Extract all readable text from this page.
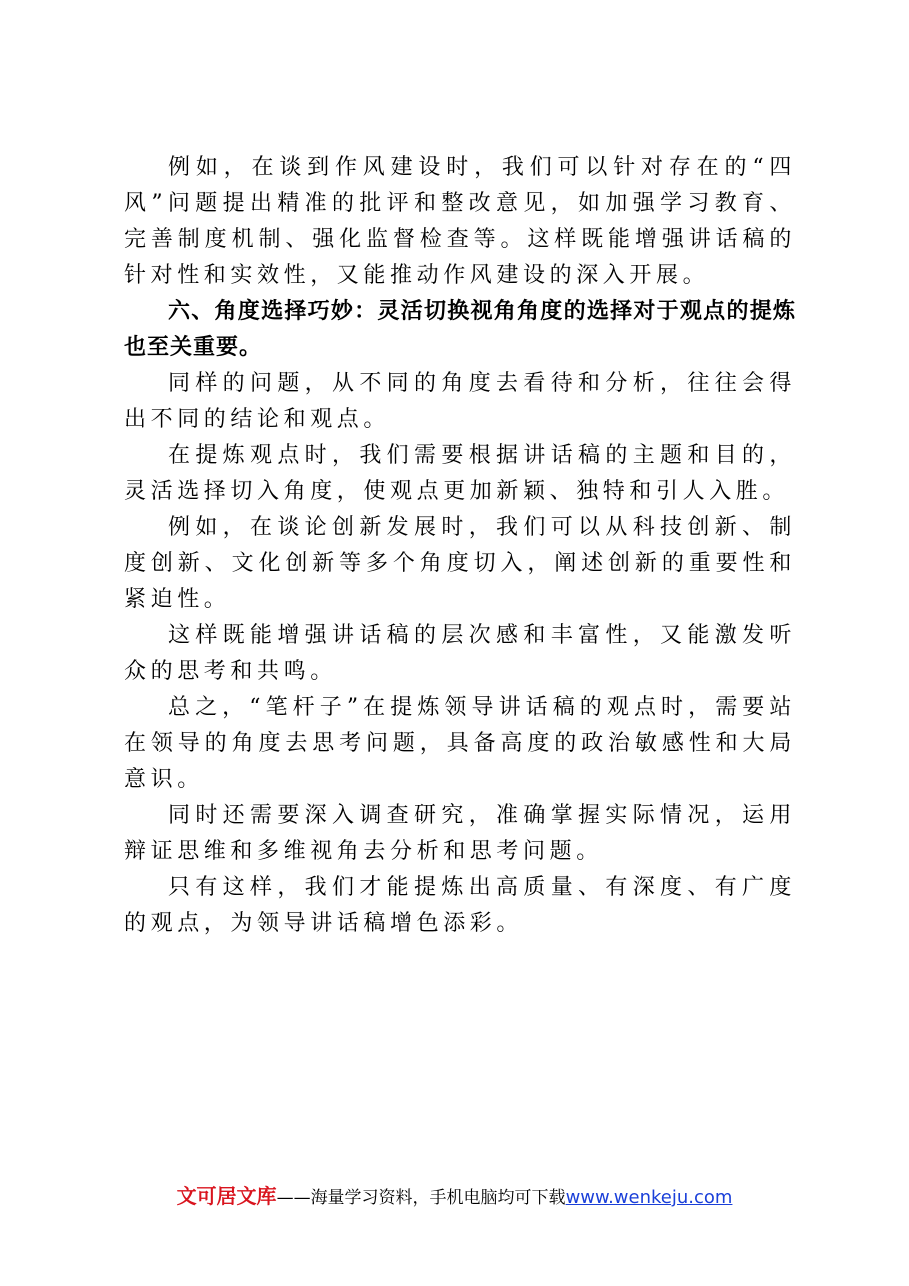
例如，在谈到作风建设时，我们可以针对存在的“四风”问题提出精准的批评和整改意见，如加强学习教育、完善制度机制、强化监督检查等。这样既能增强讲话稿的针对性和实效性，又能推动作风建设的深入开展。

六、角度选择巧妙：灵活切换视角角度的选择对于观点的提炼也至关重要。

同样的问题，从不同的角度去看待和分析，往往会得出不同的结论和观点。

在提炼观点时，我们需要根据讲话稿的主题和目的，灵活选择切入角度，使观点更加新颖、独特和引人入胜。

例如，在谈论创新发展时，我们可以从科技创新、制度创新、文化创新等多个角度切入，阐述创新的重要性和紧迫性。

这样既能增强讲话稿的层次感和丰富性，又能激发听众的思考和共鸣。

总之，“笔杆子”在提炼领导讲话稿的观点时，需要站在领导的角度去思考问题，具备高度的政治敏感性和大局意识。

同时还需要深入调查研究，准确掌握实际情况，运用辩证思维和多维视角去分析和思考问题。

只有这样，我们才能提炼出高质量、有深度、有广度的观点，为领导讲话稿增色添彩。

文可居文库——海量学习资料，手机电脑均可下载www.wenkeju.com
